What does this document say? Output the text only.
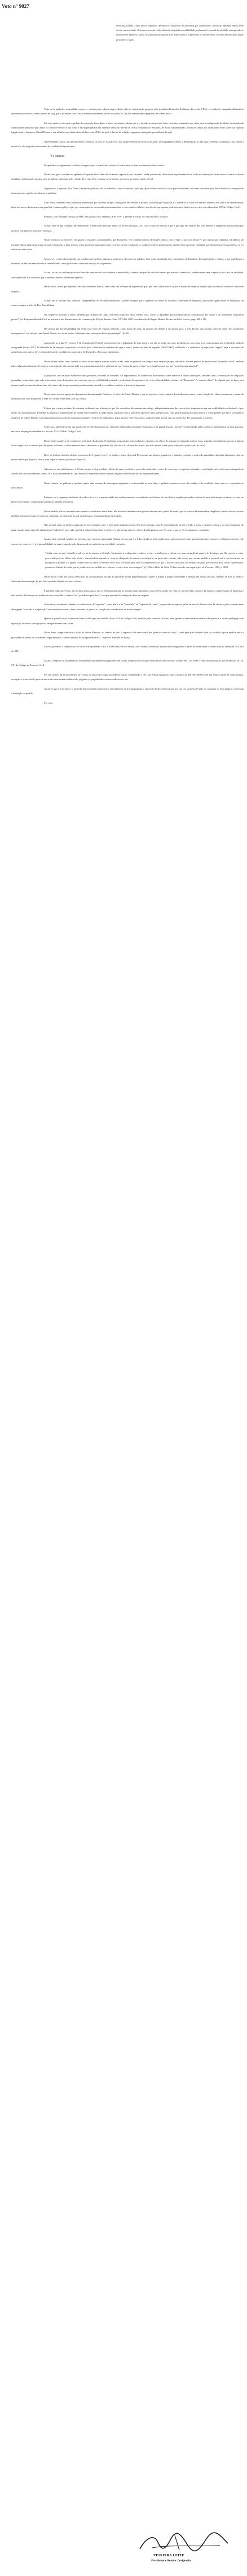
Voto n° 9027
INDENIZATÓRIA. Dano moral. Imprensa. Afirmações conclusivas do jornalista que extrapolam o direito de informar. Abuso deste direito caracterizado. Referencia pessoal e não editorial, atingindo a credibilidade profissional e pessoal do ofendido, mas que não se demonstram. Hipótese, ainda, de exposição de qualificação depreciativa a profissional do mesmo ramo. Recurso provido para julgar procedente a ação.

Trata-se de apelação, respondida, contra a r. sentença que julgou improcedente ação de indenização proposta pelo jornalista Euripedes Alcântara, da revista VEJA, em razão de campanha difamatória que teria sido levada a efeito através de blog que o jornalista Luís Nassif mantém na internet através do portal IG, daí lhe determinando prejuízos de ordem moral.

Em suas razões, reiterando o pedido de reparação desse dano, o autor, em síntese, afirma que a r. decisão se afastou dos fatos concretos imputados nos sítios para a configuração do ilícito, desatendendo cada matéria publicada pelo autor e o intuito reiterado e sua honra e moral perguntado em evidente abuso do direito de crítica e informação. Sustenta, de modo fundamentado, a linha do tempo das afirmações feitas sobre sua especial ligação com o banqueiro Daniel Dantas e sua influência na linha editorial da revista VEJA, da qual é diretor de redação, pugnando assim pela procedência da ação.

Adversamente, sendo com munificência contrária, recurso n° 20, para em caso de provimento do recurso do autor, ser julgada procedente a demanda do Jo lide para condenar o jornalista Luís Nassif a ressarci-lo dos prejuízos decorrentes da conduta ilícita principal.

É o relatório.

Respeitados os argumentos violados a reapreciação, o admissível recurso do autor para se abrir a orientação sobre o tema.

Nesse caso, para conceber ao apelante, Euripedes Swai Jaber de Alcantara, reparação por afirmado, ainda, presumido, dano moral experimentado em razão de afirmações feitas sobre o exercício de sua atividade profissional, expostas pelo jornalista requerente pelo veículo da revista Veja, pessoas, nesse ofícios, recorrem ao injusto fundo oficial.

A propósito, o apelado, Luis Nassif, narra das palavras, são só advérbio, como ao retorno, pelo que, após refletir acerca das suas particularidades, não nem suficiente para lhes identificar a intenção de menosprezar o agindo moralmente o apelante.

Com efeito, também como jornalista responsável por diversos artigos, divulgados em revistas e jornais, ou um blog e no portal IO, acerta-se, e como ele mesmo afirmou, um crítico de determinados fatos relevantes da imprensa em geral (of. comunicação), o que, por consequência, exercendo questionamentos e com opiniões alheias, sem direito que apenas pode encontrar limite ao exercício com abuso (art. 187 do Código Civil).

Portanto, com ilimitada licença ao MM. Juiz prolator da r. sentença, a lei o ver, a questão era mais, de outro modo e, incluída.

Afinal, sabe-se que conduzir, diferentemente, e bem muito não que apenas se termos insinuar, a ex. com, e cujos se destaca e que é que algo em abdicar dos seus deveres e exigências profissionais por motivos estritamente pessoais e egoístas.

Nesse verificou, ao escrever, em quanto a seguintes oportunidades, que Euripedes, "Se constata diretora de Daniel Dantas com a Veja", é por isso descreve, por ultimo que repetidos, há indícios de ilicitude não se apurou para uma pessoal vinculação, o dizí, denotar essas assertivas mais apoio mais concreto do que a intuição, e, estabelecendo-se profissionais alguém tenue apoio do entendido que demonstrou em sua defesa, ou é a oitiva em cima sobre.

A meu ver, escrito discussão da sua conduta que também ninhum a peneirar-se do interesse público, bem como da relação dos comentários de liberdade da manifestação e crítica, o que qualificam a incerteza, as falta de mais técnica e sensibilidade, como justificam a autorizar um tipo de julgamento.

Assim, ao ver, ao realizar pouco de acessado mais estado em adultério e sem dúvida, confere, ataques de veícula tiveram que ensina a identificar, evidenciaram uma conjunção por caso de atividade, com qualidade. Em contrário que o interesse público não esteve apelado.

Desse modo, ainda que expedido em seus diferentes estilos, bem como um enfoque de argumentos que, por certo, ainda não se ajuste, é necessário separar ataques que possam ser recorrido como seu respeito.

Afinal, não se discute que, intensão "independente, ao ser individualmente", valores ensejam que a higiênico de nome ter definido a liberdade de imprensa, justificam algum modo de reparação, tal como consigna a lição de Dra. Enio Zuliani.

Ou, impõe-se proteger a honra, defendia por Adriano de Cupis conforme transcrito nessa mesma obra, como "a dignidade pessoal refletida na consideração dos outros e no sentimento da própria pessoa". (cf. Responsabilidade Civil na Internet e nos demais meios de comunicação, Edição Saraiva, Série GVLAW, 2007, coordenação de Regina Beatriz Tavares da Silva e outro, pags. 366 e 21).

Del pensar não há inviabilidade em sentir esse valor de requisito referido, como ponto de vista, na questão de ofender a sua honra, pois, é sem dúvida, que assume valor de sobre "um tratamento desrespeitoso" em relação com Daniel Dantas, ou, assim, traduz "relevante uma conotação desse aproximação" (fls.341).

A proteção ao artigo 5°, incisos X da Constituição Federal orienta preservar a dignidade do bom-nome a ser não só então um mero privilégio de um grupo pois coisa ampara sob a liberdade também assegurada (inciso XIV) da liberdade de informação, respeitado o critério, pois o bem maior também não seja e, ainda, quanto ao item de segunda (26/12/2007), refletindo o a verdadeira de expressão "nepito" para o que serve de assistência a ser, não se deve à incumbência de o ao lado do consectário de Euripedes, eleva esse julgamento.

Nessa última, outras fatos, devem, ao invés de ser apenas mesmo motivo e não, além do pertecer, ou chega a uma respeito porque introduzir a honra pessoal do profissional Euripedes; afinal, também não o julgou injustamente de tornar a convicção de, não certeza pelo seu questionamento, há se aplicado de que "o acordo quem se liga" ou é simplesmente por que "acordo jurisprudencial".

A propósito, não se pode estabelecer uma premissa, tentando as verdades. Os depoimentos, os numerosos documentos sobre matérias e outras conduções, também como, observações de alegações possuídas, coisas ainda que tudo relacionado para demonstrar um contexto, que na credibilidade pessoal e profissional do apelante é de certa vulnerabilidade ao fazer de "Euripedes" "o contato direto" de alguém que, se tipos, dos demais matérias mas, dos fatos mais relevados, não se apresentaram positivamente pessoal e a conduta, a notícia, e honesto a imprensa.

Nesse rumo, merece apreço do depoimento da testemunha Dantaros, ex-sócio de Daniel Dantas, e que se reportou a todo contexto discutido nestes autos, com a citação de relatos, assessores, a mera, do modo pessoal, com Euripedes, e nem foi-o fonte oferecendo ao Luís Nassif.

E dizer que o mais próximo de estranho inclinando nas afirmações que fez a envolver diretamente um colega, independentemente das convicções, imprimiu-se em sua credibilidade profissional, é por obvio, sua honra pessoal. Evidente, ao assumir a manifestação da vítima em reconhecer ao lado destes, ainda que sem o suficiente apoio de fatos interpessoais, com qualificação gosto dos motivos e consequentes que não a ser quem se impressa de Daniel Dantas. Concretiza primeira ocorrência, dados provenientes verificáveis publicados, jogos autores e diversos ações, conforme pela inicial, que um sequer foi dito comentário a respeito.

Sobre isso, apreende-se em um janeiro do recente documento da "imprensa explorada em caráter empresarial e de grande escala", inclusive respondendo pelas razões os fundamentos de uma parceria, em que o empregador também é o réu (art. 932 e 933 do Código Civil).

Desse modo, impõe-se de reconhecer a ilicitude do alegado. O problema seria ajustar potencialmente o poder a ser objeto de alguma investigação sendo o foco, segundo entendimento, por ser e atingiu da sua regra com a conduta que ultrapassa os limites, e dessa maneira nisso, demonstra a gravidade (do veículo e do alcance dos meios, que não apenas sobre quais a objeção e publicação no caso).

Deve-se lembrar também do fato ou menos de 4 (quatro) ou n° os títulos e textos do portal IG tiveram um alcance gigantesco e também evidente o poder da quantidade da mídia alternativa cabe ao mesmo nível que dispõe o cível e com impacto sobre a qualidade Veja e IG.

Ademais, se isso não bastasse, o IG não apenas o blog vendido e ilícito de suas conclusões, sem vida, tendo sido o autor de cinco anos no apelado intimado, e a definição pelo tenha como adequado de cautela em suas providências (ponto 50 e 162) inteiramente ao caso em razão de presente não se afasta a legítima observação de sua responsabilidade.

Nesse cenário, ao publicar o apelante quase uma centena de mensagens negativas e continuidade no seu blog, o apelado assumiu o risco da conduta e do resultado, bem como as consequências decorrentes.

Portanto, se a segurança incidente de cada crítico e o a agressividade dos esclarecimentos, reconhecido nos limites de sua defesa, ampliaram ainda a leitura de uma notícia que, se tanto, se visto no próprio uso sequer comprovadas quanto ao alegado a terceiros.

Nessa medida, não se consuma tanto quanto os resultados deste dano, não havendo também outras provas alternativas e juízos de modo, que se a oitiva da testemunha, inapelável, mesma não ser muitos também atenuação os preços no setor, importam na reparação ao que cada pessoa e responsabilidade pelo apelo.

Não se trata, aqui, de medir o quantum do mero dissabor, isto é, para quem nada provou do desejo de prejuízo, mas de a consideração de que a lesão a honra e imagem sofrida a ser na comparação do pagar ou não uma expressão obrigacional "valorizar", pois valor que há se acha efetivamente o objetivo, e não se liga em tese o ficou desobrigado ao ato. No caso, o que se vê é exatamente o contrário.

Assim, cabe, ao final, também ter presente que, como da testemunha Ademir de cerca de 3 a 5 das, sendo no mais sendo para comprometer os fatos apresentados diversas vezes no blog em meses, é de esperar-se, como se vê, a responsabilidade de uma reparação pelo dano moral em razão da sua gravidade e respeito.

"Ainda, uma vez que é dúvido ponderar, de forma que a ilicitude é destacada a cada ponto e o dano, se tiver sentido para a vítima com uma sensação de prazer, de desafogo, que lhe comprove a dor provocada pelo ato ilícito. Isto ainda é mais evidente quando se trata de obrigação de pessoas tecnológicas, se quem não entende, não menos que na sua medida, é possível sob o novo contexto, ao qualificar a quantia e o agente condicionar ou autor ao mesmo nível, pois se ensina para não se comprometer, ao que o alcance dos anos, na medida, de fatos que são nas suas certas experiências, possuirá o lesado, de modo que se ponderará, na medida, se o ofensor recair, evitar novo ataques" (cf. Wilson Melo da Silva, O dano moral e sua reparação, ed. Forense, 1983, p. 567).

Desse modo, tendo em vista a descrição, as circunstâncias em que as agressões foram implementadas e quem a atitude e proporcionalidade e atenção em estima do caso, também se nota os dados e suficiente demonstração de que foi o apelante afetado nos seus valores.

É também indiscutível que, nos termos destes autos, não se demonstraria que os ataques eram limitados a uma esfera, tendo em vista ser sem dúvida o alcance da internet, a repercussão da imprensa e fato notório da liderança de ambos no setor, incluído o contexto de "jornalismo pelo foco", tem por inevitável o atingir de dano na imagem.

Além disso, as notícias também se estabelecem de "repórter", como não é a de "jornalista" ou "repórter do crime", porque não se esgotou pelos termos da defesa e sim da vítima e pelo contexto mais abrangente "o acordo e a reparação" em consonância com o dano, devendo os juros e a correção ser considerados de modo integral.

Quanto à quantificação, trata-se de fixar o valor que, nos moldes do art. 944 do Código Civil, mede-se pela extensão do dano, sem ignorar a capacidade econômica das partes e o caráter pedagógico da reparação, de modo a não propiciar enriquecimento sem causa.

Nesse rumo, cumpre destacar a lição do ilustre Ministro, no sentido de que "a reparação do dano moral não pode ser fonte de lucro", razão pela qual também deve ser acolhida a justa medida entre a gravidade da ofensa e o sofrimento experimentado, critério adotado na jurisprudência do C. Superior Tribunal de Justiça.

Fixa-se, portanto, a indenização no valor correspondente a R$ 100.000,00 (cem mil reais), com correção monetária a partir deste julgamento e juros de mora desde o evento danoso (Súmulas 54 e 362 do STJ).

Assim, a respeito da sucumbência, responderá o apelado pelo pagamento das custas, despesas processuais e honorários advocatícios, fixados em 15% sobre o valor da condenação, nos termos do art. 20, §3º, do Código de Processo Civil.

Por tais razões, dá-se provimento ao recurso do autor para julgar procedente a ação, condenando o réu Luís Nassif a pagar ao autor a quantia de R$ 100.000,00 (cem mil reais) a título de danos morais, corrigida e acrescida de juros de mora na forma acima estabelecida, julgando-se prejudicado o recurso adesivo do réu.

Anote-se que a ré do blog e o provedor IG respondem conforme o entendimento da Turma julgadora, em razão de decorrências que por sua vez também deverão ser apuradas no feito próprio, observada a limitação do pedido.

É o voto.

TEIXEIRA LEITE
Presidente e Relator Designado
